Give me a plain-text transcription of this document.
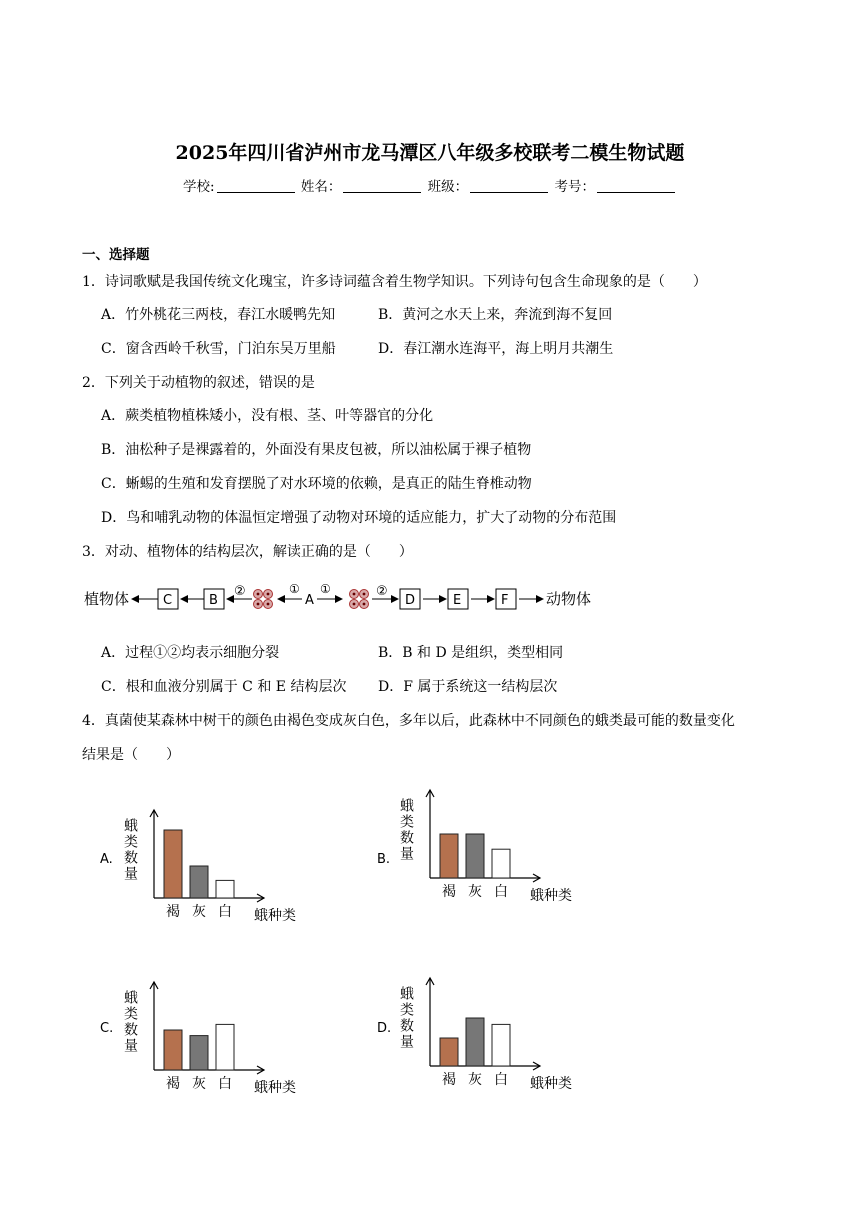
2025年四川省泸州市龙马潭区八年级多校联考二模生物试题
学校:	姓名：	班级：	考号：
一、选择题
1．诗词歌赋是我国传统文化瑰宝，许多诗词蕴含着生物学知识。下列诗句包含生命现象的是（　　）
A．竹外桃花三两枝，春江水暖鸭先知	B．黄河之水天上来，奔流到海不复回
C．窗含西岭千秋雪，门泊东吴万里船	D．春江潮水连海平，海上明月共潮生
2．下列关于动植物的叙述，错误的是
A．蕨类植物植株矮小，没有根、茎、叶等器官的分化
B．油松种子是裸露着的，外面没有果皮包被，所以油松属于裸子植物
C．蜥蜴的生殖和发育摆脱了对水环境的依赖，是真正的陆生脊椎动物
D．鸟和哺乳动物的体温恒定增强了动物对环境的适应能力，扩大了动物的分布范围
3．对动、植物体的结构层次，解读正确的是（　　）
植物体	C	B
②	①
A
①	②
D	E	F	动物体
A．过程①②均表示细胞分裂	B．B 和 D 是组织，类型相同
C．根和血液分别属于 C 和 E 结构层次 D．F 属于系统这一结构层次
4．真菌使某森林中树干的颜色由褐色变成灰白色，多年以后，此森林中不同颜色的蛾类最可能的数量变化
结果是（　　）
A. 蛾类数量
褐 灰 白 蛾种类
B. 蛾类数量
褐 灰 白 蛾种类
C. 蛾类数量
褐 灰 白 蛾种类
D. 蛾类数量
褐 灰 白 蛾种类
